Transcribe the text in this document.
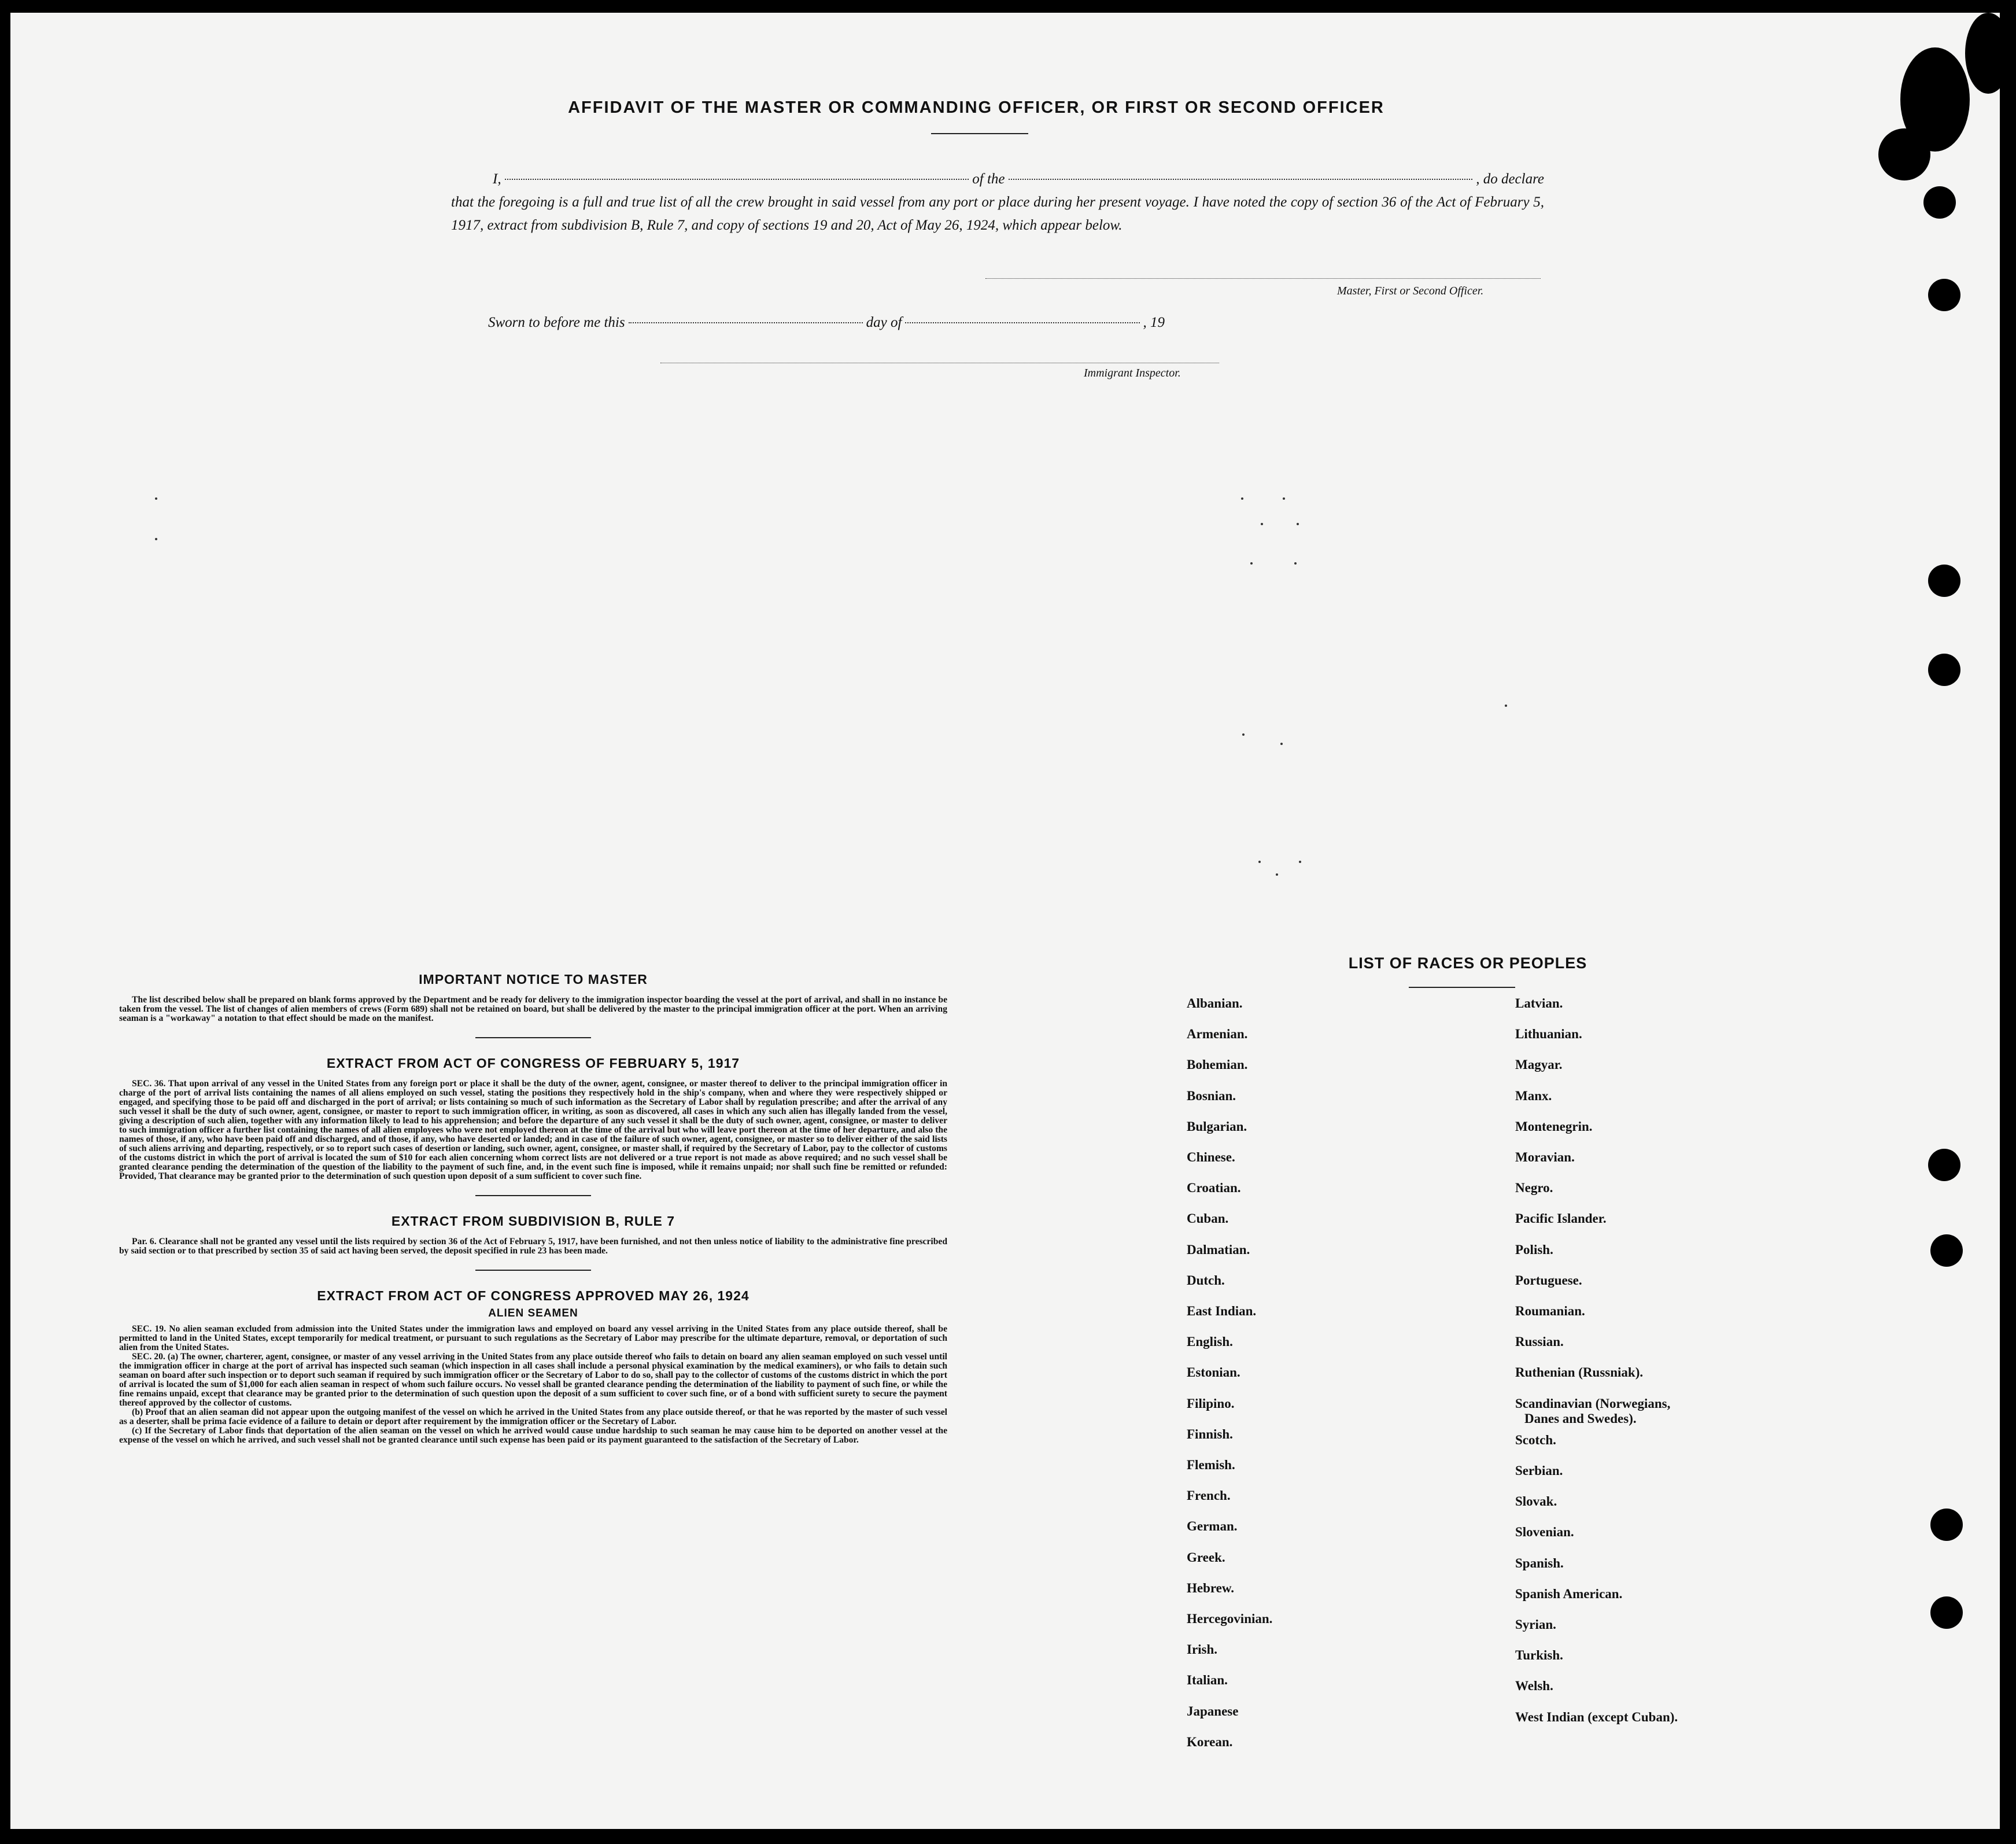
AFFIDAVIT OF THE MASTER OR COMMANDING OFFICER, OR FIRST OR SECOND OFFICER
I,	of the	, do declare
that the foregoing is a full and true list of all the crew brought in said vessel from any port or place during her present voyage. I have noted the copy of section 36 of the Act of February 5, 1917, extract from subdivision B, Rule 7, and copy of sections 19 and 20, Act of May 26, 1924, which appear below.
Master, First or Second Officer.
Sworn to before me this	day of	, 19
Immigrant Inspector.
IMPORTANT NOTICE TO MASTER

The list described below shall be prepared on blank forms approved by the Department and be ready for delivery to the immigration inspector boarding the vessel at the port of arrival, and shall in no instance be taken from the vessel. The list of changes of alien members of crews (Form 689) shall not be retained on board, but shall be delivered by the master to the principal immigration officer at the port. When an arriving seaman is a "workaway" a notation to that effect should be made on the manifest.

EXTRACT FROM ACT OF CONGRESS OF FEBRUARY 5, 1917

SEC. 36. That upon arrival of any vessel in the United States from any foreign port or place it shall be the duty of the owner, agent, consignee, or master thereof to deliver to the principal immigration officer in charge of the port of arrival lists containing the names of all aliens employed on such vessel, stating the positions they respectively hold in the ship's company, when and where they were respectively shipped or engaged, and specifying those to be paid off and discharged in the port of arrival; or lists containing so much of such information as the Secretary of Labor shall by regulation prescribe; and after the arrival of any such vessel it shall be the duty of such owner, agent, consignee, or master to report to such immigration officer, in writing, as soon as discovered, all cases in which any such alien has illegally landed from the vessel, giving a description of such alien, together with any information likely to lead to his apprehension; and before the departure of any such vessel it shall be the duty of such owner, agent, consignee, or master to deliver to such immigration officer a further list containing the names of all alien employees who were not employed thereon at the time of the arrival but who will leave port thereon at the time of her departure, and also the names of those, if any, who have been paid off and discharged, and of those, if any, who have deserted or landed; and in case of the failure of such owner, agent, consignee, or master so to deliver either of the said lists of such aliens arriving and departing, respectively, or so to report such cases of desertion or landing, such owner, agent, consignee, or master shall, if required by the Secretary of Labor, pay to the collector of customs of the customs district in which the port of arrival is located the sum of $10 for each alien concerning whom correct lists are not delivered or a true report is not made as above required; and no such vessel shall be granted clearance pending the determination of the question of the liability to the payment of such fine, and, in the event such fine is imposed, while it remains unpaid; nor shall such fine be remitted or refunded: Provided, That clearance may be granted prior to the determination of such question upon deposit of a sum sufficient to cover such fine.

EXTRACT FROM SUBDIVISION B, RULE 7

Par. 6. Clearance shall not be granted any vessel until the lists required by section 36 of the Act of February 5, 1917, have been furnished, and not then unless notice of liability to the administrative fine prescribed by said section or to that prescribed by section 35 of said act having been served, the deposit specified in rule 23 has been made.

EXTRACT FROM ACT OF CONGRESS APPROVED MAY 26, 1924
ALIEN SEAMEN

SEC. 19. No alien seaman excluded from admission into the United States under the immigration laws and employed on board any vessel arriving in the United States from any place outside thereof, shall be permitted to land in the United States, except temporarily for medical treatment, or pursuant to such regulations as the Secretary of Labor may prescribe for the ultimate departure, removal, or deportation of such alien from the United States.

SEC. 20. (a) The owner, charterer, agent, consignee, or master of any vessel arriving in the United States from any place outside thereof who fails to detain on board any alien seaman employed on such vessel until the immigration officer in charge at the port of arrival has inspected such seaman (which inspection in all cases shall include a personal physical examination by the medical examiners), or who fails to detain such seaman on board after such inspection or to deport such seaman if required by such immigration officer or the Secretary of Labor to do so, shall pay to the collector of customs of the customs district in which the port of arrival is located the sum of $1,000 for each alien seaman in respect of whom such failure occurs. No vessel shall be granted clearance pending the determination of the liability to payment of such fine, or while the fine remains unpaid, except that clearance may be granted prior to the determination of such question upon the deposit of a sum sufficient to cover such fine, or of a bond with sufficient surety to secure the payment thereof approved by the collector of customs.

(b) Proof that an alien seaman did not appear upon the outgoing manifest of the vessel on which he arrived in the United States from any place outside thereof, or that he was reported by the master of such vessel as a deserter, shall be prima facie evidence of a failure to detain or deport after requirement by the immigration officer or the Secretary of Labor.

(c) If the Secretary of Labor finds that deportation of the alien seaman on the vessel on which he arrived would cause undue hardship to such seaman he may cause him to be deported on another vessel at the expense of the vessel on which he arrived, and such vessel shall not be granted clearance until such expense has been paid or its payment guaranteed to the satisfaction of the Secretary of Labor.

LIST OF RACES OR PEOPLES
Albanian.
Armenian.
Bohemian.
Bosnian.
Bulgarian.
Chinese.
Croatian.
Cuban.
Dalmatian.
Dutch.
East Indian.
English.
Estonian.
Filipino.
Finnish.
Flemish.
French.
German.
Greek.
Hebrew.
Hercegovinian.
Irish.
Italian.
Japanese
Korean.
Latvian.
Lithuanian.
Magyar.
Manx.
Montenegrin.
Moravian.
Negro.
Pacific Islander.
Polish.
Portuguese.
Roumanian.
Russian.
Ruthenian (Russniak).
Scandinavian (Norwegians,
Danes and Swedes).
Scotch.
Serbian.
Slovak.
Slovenian.
Spanish.
Spanish American.
Syrian.
Turkish.
Welsh.
West Indian (except Cuban).
